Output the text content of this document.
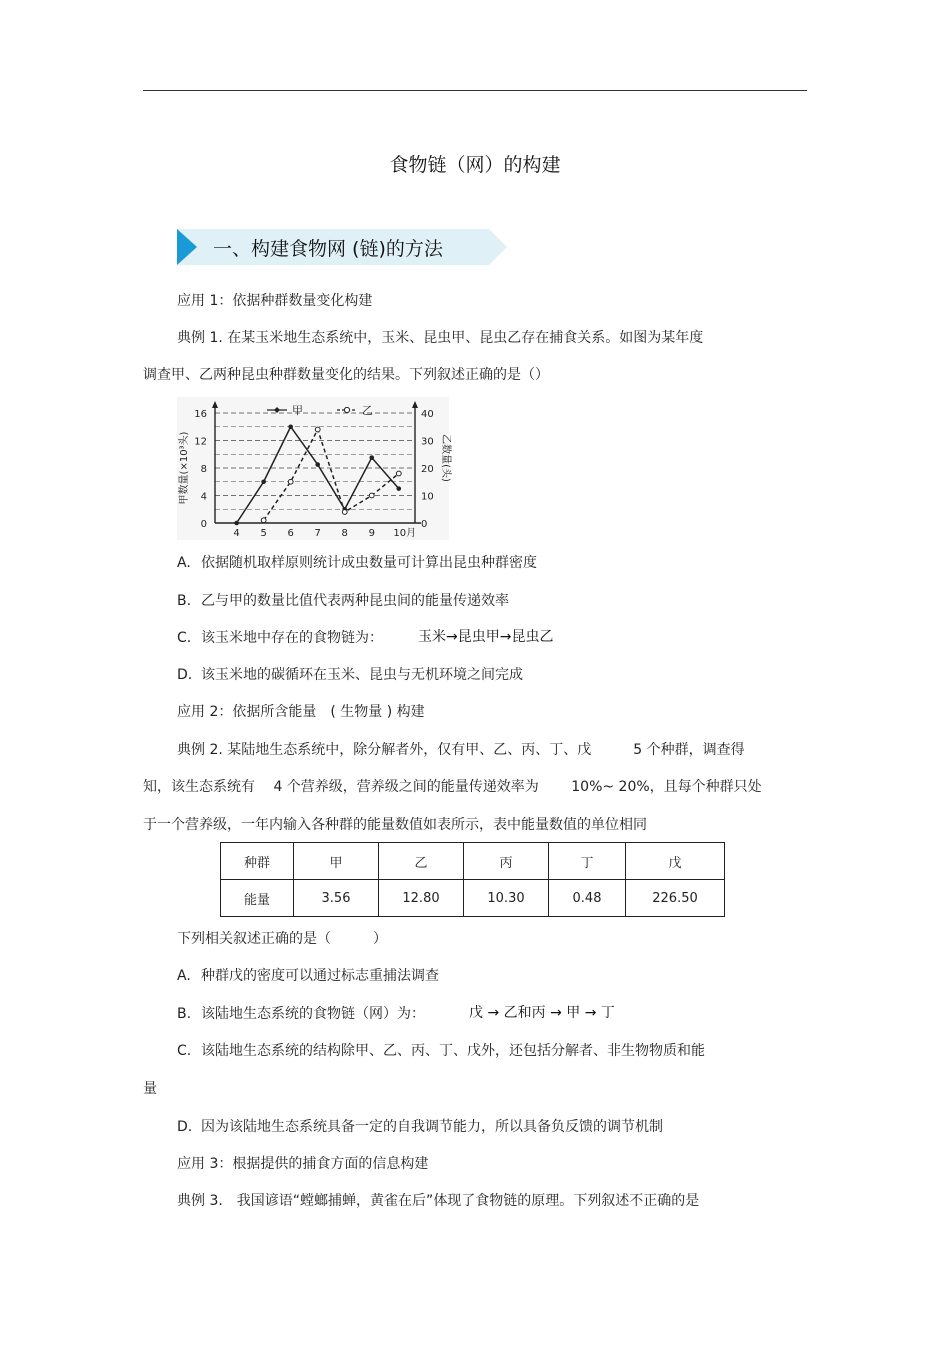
食物链（网）的构建
一、构建食物网 (链)的方法
应用 1：依据种群数量变化构建
典例 1. 在某玉米地生态系统中，玉米、昆虫甲、昆虫乙存在捕食关系。如图为某年度
调查甲、乙两种昆虫种群数量变化的结果。下列叙述正确的是（）
0
4
8
12
16
0
10
20
30
40
4 5 6 7 8 9 10月
甲数量(×10³头)	乙数量(头)
甲	乙
A. 依据随机取样原则统计成虫数量可计算出昆虫种群密度
B. 乙与甲的数量比值代表两种昆虫间的能量传递效率
C. 该玉米地中存在的食物链为：	玉米→昆虫甲→昆虫乙
D. 该玉米地的碳循环在玉米、昆虫与无机环境之间完成
应用 2：依据所含能量　( 生物量 ) 构建
典例 2. 某陆地生态系统中，除分解者外，仅有甲、乙、丙、丁、戊　　　5 个种群，调查得
知，该生态系统有　 4 个营养级，营养级之间的能量传递效率为　　 10%~ 20%，且每个种群只处
于一个营养级，一年内输入各种群的能量数值如表所示，表中能量数值的单位相同
种群	甲	乙	丙	丁	戊
能量	3.56	12.80	10.30	0.48	226.50
下列相关叙述正确的是（　　　）
A. 种群戊的密度可以通过标志重捕法调查
B. 该陆地生态系统的食物链（网）为：	戊 → 乙和丙 → 甲 → 丁
C. 该陆地生态系统的结构除甲、乙、丙、丁、戊外，还包括分解者、非生物物质和能
量
D. 因为该陆地生态系统具备一定的自我调节能力，所以具备负反馈的调节机制
应用 3：根据提供的捕食方面的信息构建
典例 3.　我国谚语“螳螂捕蝉，黄雀在后”体现了食物链的原理。下列叙述不正确的是
